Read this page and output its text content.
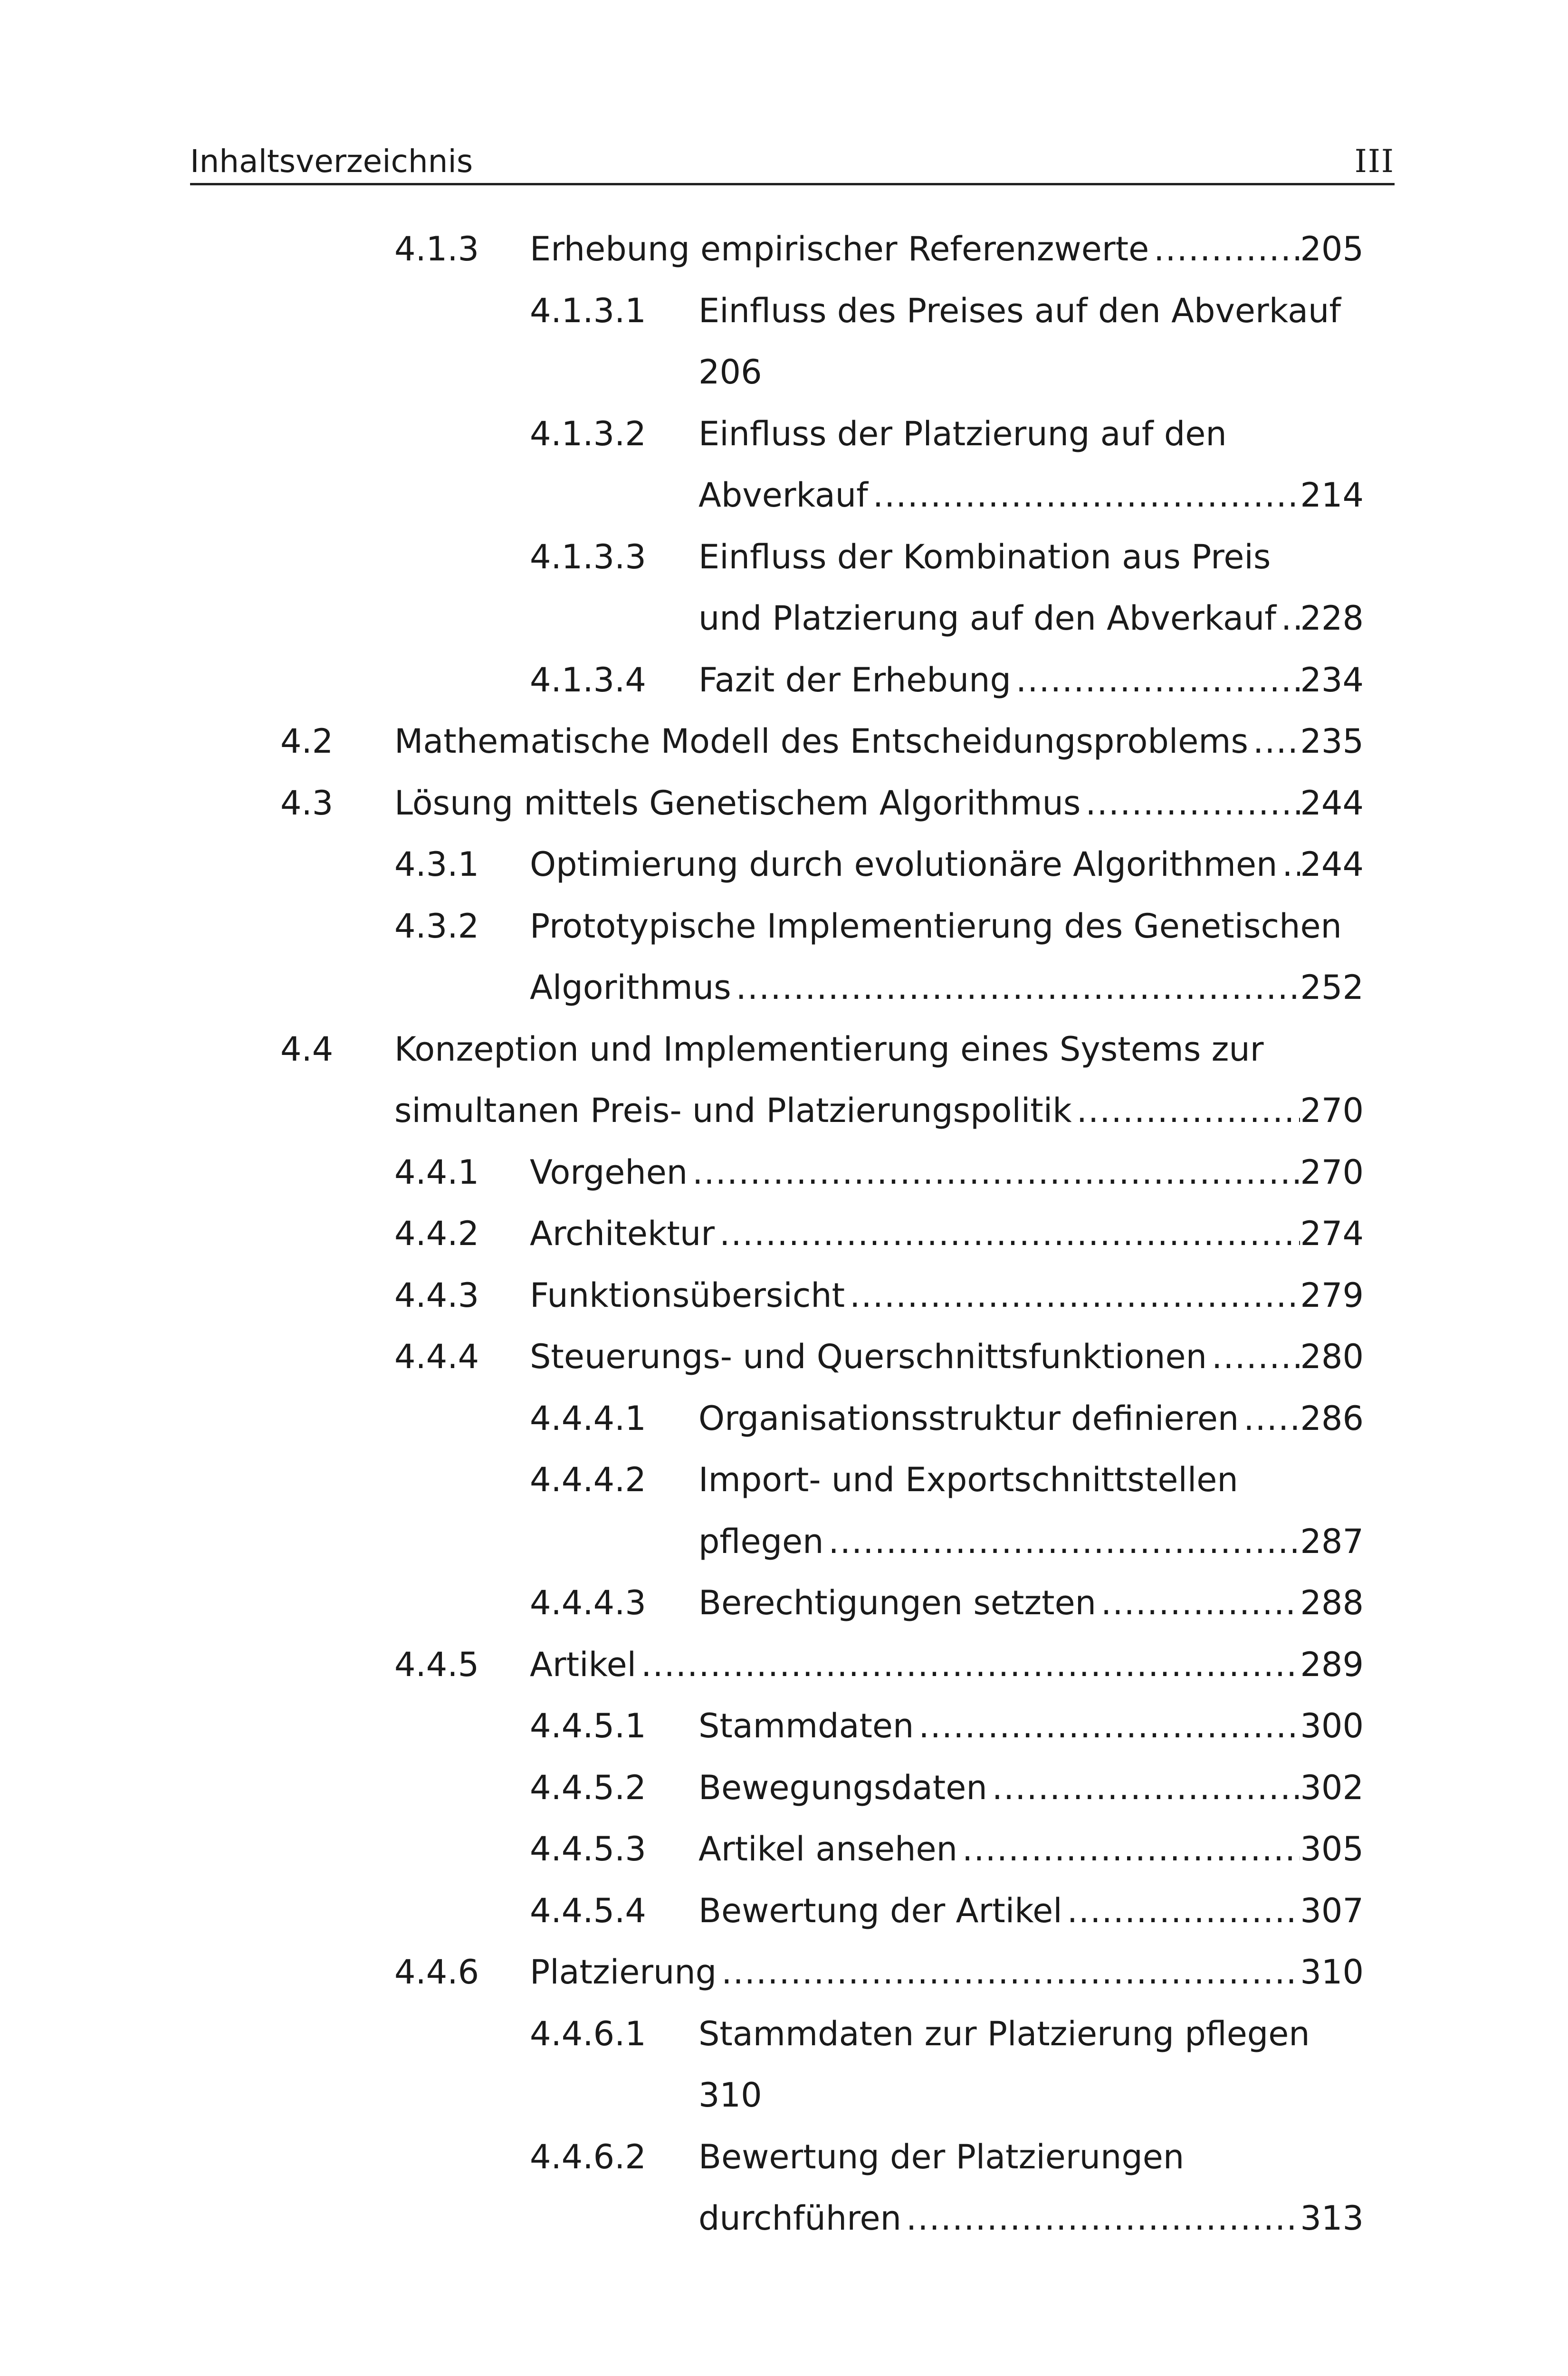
Inhaltsverzeichnis	III
4.1.3 Erhebung empirischer Referenzwerte .....	205
4.1.3.1 Einfluss des Preises auf den Abverkauf
206
4.1.3.2 Einfluss der Platzierung auf den
Abverkauf .....	214
4.1.3.3 Einfluss der Kombination aus Preis
und Platzierung auf den Abverkauf ..... 228
4.1.3.4 Fazit der Erhebung .....	234
4.2 Mathematische Modell des Entscheidungsproblems ..... 235
4.3 Lösung mittels Genetischem Algorithmus .....	244
4.3.1 Optimierung durch evolutionäre Algorithmen ..... 244
4.3.2 Prototypische Implementierung des Genetischen
Algorithmus .....	252
4.4 Konzeption und Implementierung eines Systems zur
simultanen Preis- und Platzierungspolitik .....	270
4.4.1 Vorgehen .....	270
4.4.2 Architektur .....	274
4.4.3 Funktionsübersicht .....	279
4.4.4 Steuerungs- und Querschnittsfunktionen .....	280
4.4.4.1 Organisationsstruktur definieren ..... 286
4.4.4.2 Import- und Exportschnittstellen
pflegen .....	287
4.4.4.3 Berechtigungen setzten .....	288
4.4.5 Artikel .....	289
4.4.5.1 Stammdaten .....	300
4.4.5.2 Bewegungsdaten .....	302
4.4.5.3 Artikel ansehen .....	305
4.4.5.4 Bewertung der Artikel .....	307
4.4.6 Platzierung .....	310
4.4.6.1 Stammdaten zur Platzierung pflegen
310
4.4.6.2 Bewertung der Platzierungen
durchführen .....	313
